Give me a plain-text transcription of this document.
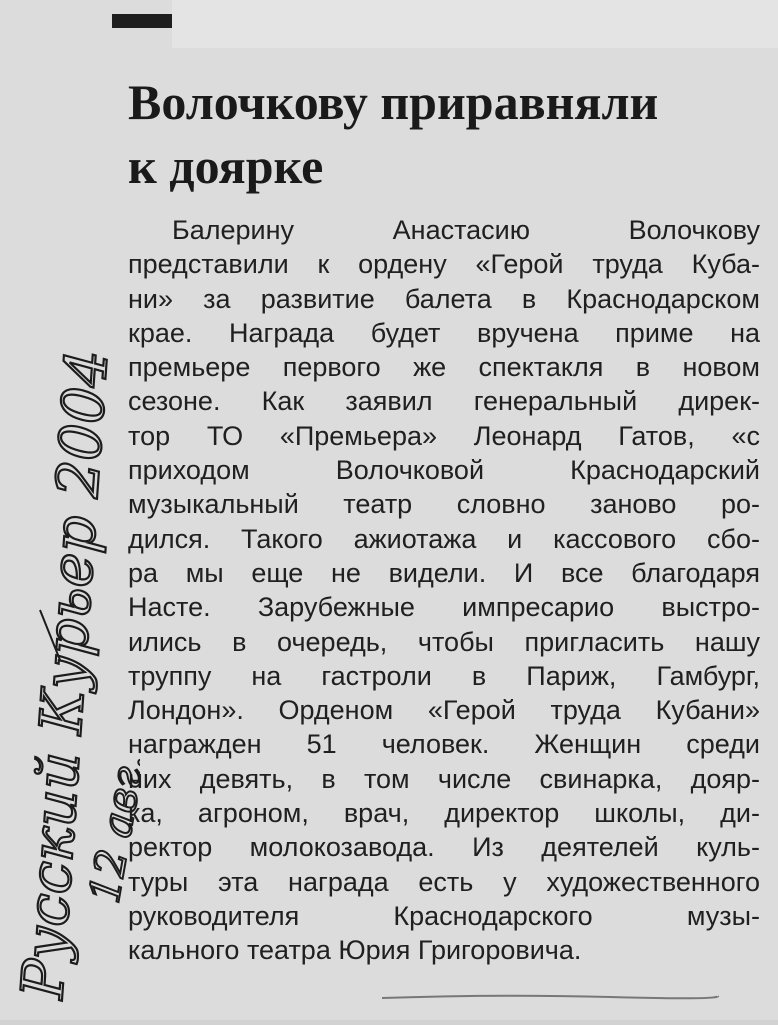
Волочкову приравняли
к доярке
Балерину Анастасию Волочкову
представили к ордену «Герой труда Куба-
ни» за развитие балета в Краснодарском
крае. Награда будет вручена приме на
премьере первого же спектакля в новом
сезоне. Как заявил генеральный дирек-
тор ТО «Премьера» Леонард Гатов, «с
приходом Волочковой Краснодарский
музыкальный театр словно заново ро-
дился. Такого ажиотажа и кассового сбо-
ра мы еще не видели. И все благодаря
Насте. Зарубежные импресарио выстро-
ились в очередь, чтобы пригласить нашу
труппу на гастроли в Париж, Гамбург,
Лондон». Орденом «Герой труда Кубани»
награжден 51 человек. Женщин среди
них девять, в том числе свинарка, дояр-
ка, агроном, врач, директор школы, ди-
ректор молокозавода. Из деятелей куль-
туры эта награда есть у художественного
руководителя Краснодарского музы-
кального театра Юрия Григоровича.
Русский Курьер 2004
12 авг.
